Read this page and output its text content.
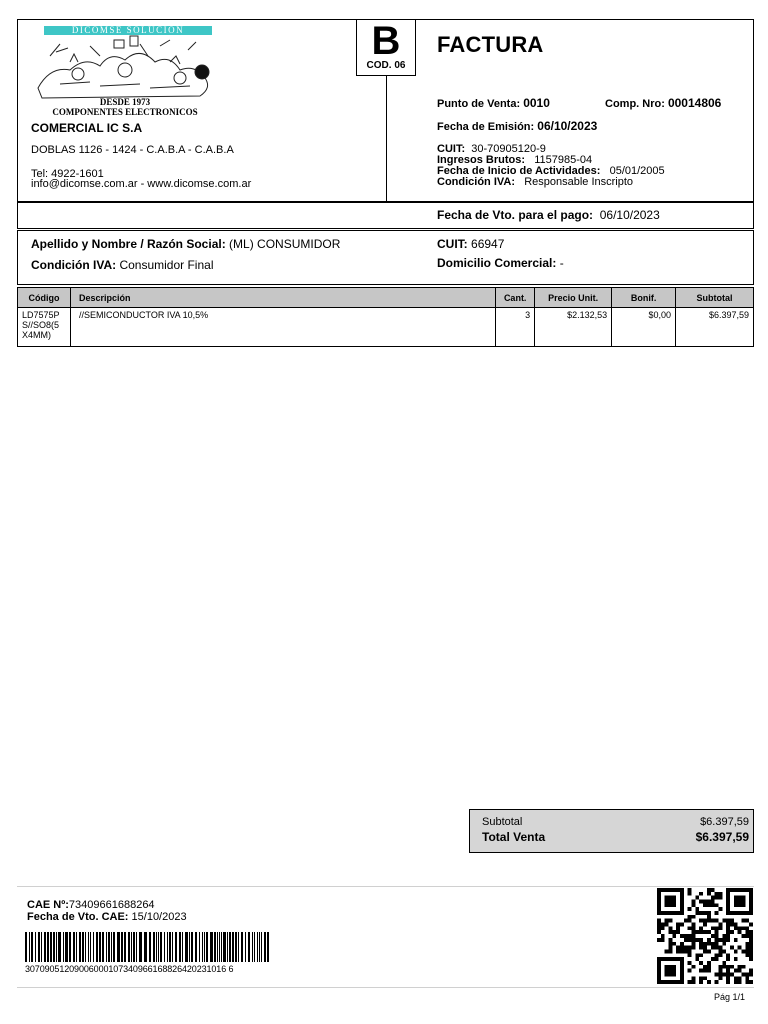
DICOMSE SOLUCION
DESDE 1973
COMPONENTES ELECTRONICOS
COMERCIAL IC S.A
DOBLAS 1126 - 1424 - C.A.B.A - C.A.B.A
Tel: 4922-1601
info@dicomse.com.ar - www.dicomse.com.ar
B
COD. 06
FACTURA
Punto de Venta: 0010	Comp. Nro: 00014806
Fecha de Emisión: 06/10/2023
CUIT: 30-70905120-9
Ingresos Brutos: 1157985-04
Fecha de Inicio de Actividades: 05/01/2005
Condición IVA: Responsable Inscripto
Fecha de Vto. para el pago: 06/10/2023
Apellido y Nombre / Razón Social: (ML) CONSUMIDOR
Condición IVA: Consumidor Final
CUIT: 66947
Domicilio Comercial: -
Código	Descripción	Cant.	Precio Unit.	Bonif.	Subtotal

LD7575P
S//SO8(5
X4MM)	//SEMICONDUCTOR IVA 10,5%	3	$2.132,53	$0,00	$6.397,59
Subtotal	$6.397,59
Total Venta	$6.397,59
CAE Nº:73409661688264
Fecha de Vto. CAE: 15/10/2023
30709051209006000107340966168826420231016 6
Pág 1/1
